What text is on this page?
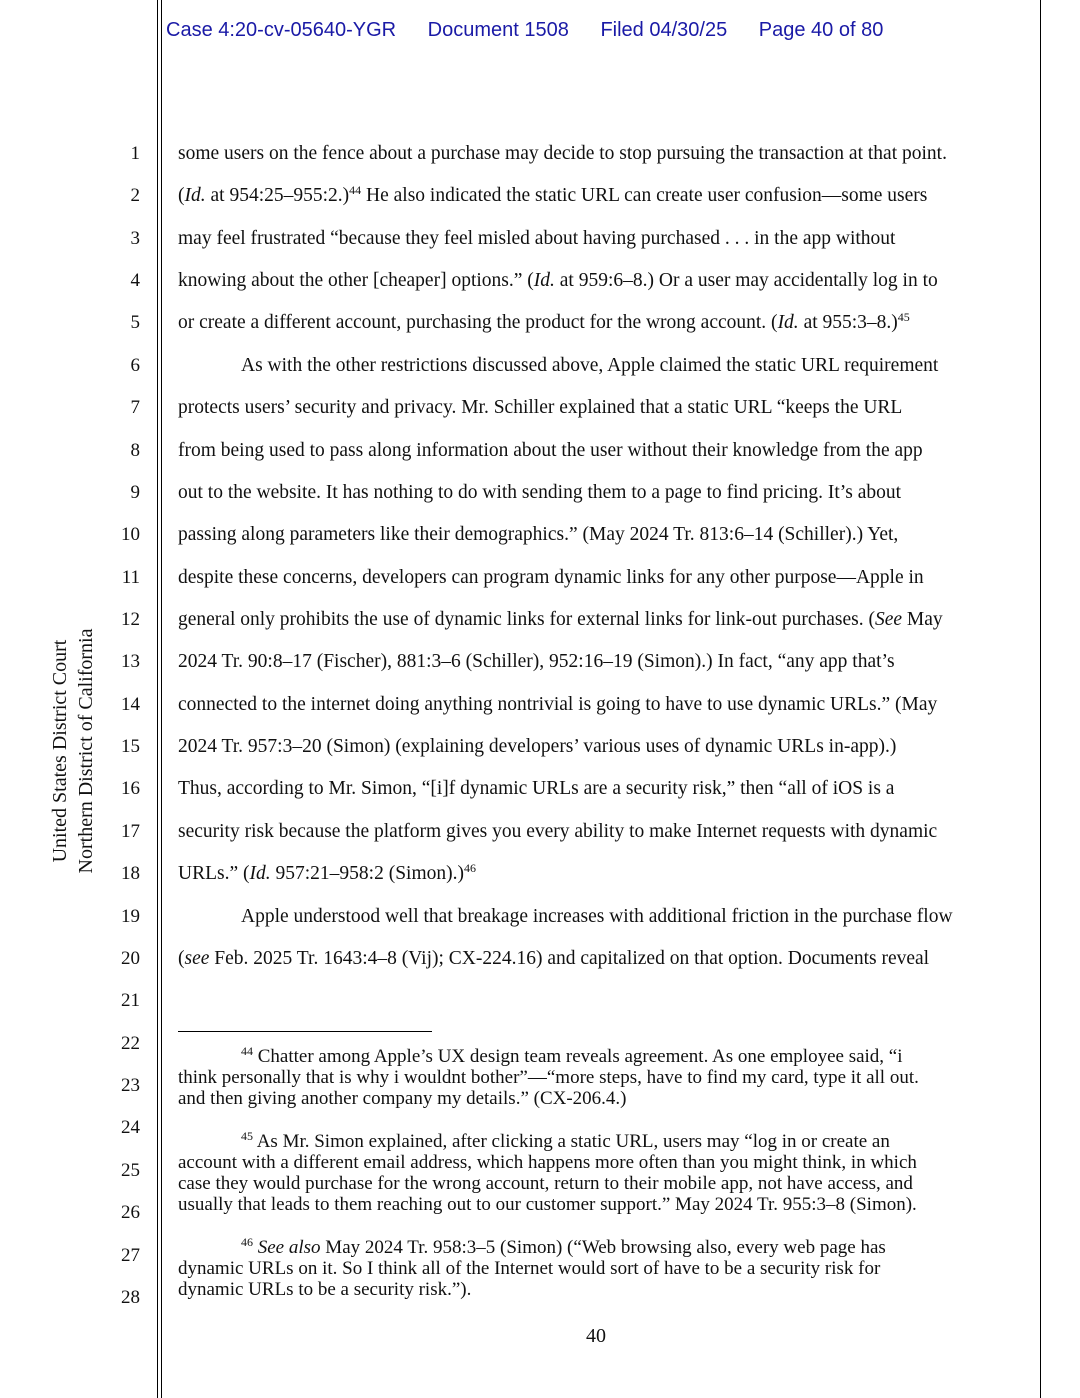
Case 4:20-cv-05640-YGR Document 1508 Filed 04/30/25 Page 40 of 80
United States District Court Northern District of California
1
2
3
4
5
6
7
8
9
10
11
12
13
14
15
16
17
18
19
20
21
22
23
24
25
26
27
28
some users on the fence about a purchase may decide to stop pursuing the transaction at that point.
(Id. at 954:25–955:2.)$^{44}$ He also indicated the static URL can create user confusion—some users
may feel frustrated “because they feel misled about having purchased . . . in the app without
knowing about the other [cheaper] options.” (Id. at 959:6–8.) Or a user may accidentally log in to
or create a different account, purchasing the product for the wrong account. (Id. at 955:3–8.)$^{45}$
As with the other restrictions discussed above, Apple claimed the static URL requirement
protects users’ security and privacy. Mr. Schiller explained that a static URL “keeps the URL
from being used to pass along information about the user without their knowledge from the app
out to the website. It has nothing to do with sending them to a page to find pricing. It’s about
passing along parameters like their demographics.” (May 2024 Tr. 813:6–14 (Schiller).) Yet,
despite these concerns, developers can program dynamic links for any other purpose—Apple in
general only prohibits the use of dynamic links for external links for link-out purchases. (See May
2024 Tr. 90:8–17 (Fischer), 881:3–6 (Schiller), 952:16–19 (Simon).) In fact, “any app that’s
connected to the internet doing anything nontrivial is going to have to use dynamic URLs.” (May
2024 Tr. 957:3–20 (Simon) (explaining developers’ various uses of dynamic URLs in-app).)
Thus, according to Mr. Simon, “[i]f dynamic URLs are a security risk,” then “all of iOS is a
security risk because the platform gives you every ability to make Internet requests with dynamic
URLs.” (Id. 957:21–958:2 (Simon).)$^{46}$
Apple understood well that breakage increases with additional friction in the purchase flow
(see Feb. 2025 Tr. 1643:4–8 (Vij); CX-224.16) and capitalized on that option. Documents reveal

$^{44}$ Chatter among Apple’s UX design team reveals agreement. As one employee said, “i

think personally that is why i wouldnt bother”—“more steps, have to find my card, type it all out.

and then giving another company my details.” (CX-206.4.)

$^{45}$ As Mr. Simon explained, after clicking a static URL, users may “log in or create an

account with a different email address, which happens more often than you might think, in which

case they would purchase for the wrong account, return to their mobile app, not have access, and

usually that leads to them reaching out to our customer support.” May 2024 Tr. 955:3–8 (Simon).

$^{46}$ See also May 2024 Tr. 958:3–5 (Simon) (“Web browsing also, every web page has

dynamic URLs on it. So I think all of the Internet would sort of have to be a security risk for

dynamic URLs to be a security risk.”).

40
